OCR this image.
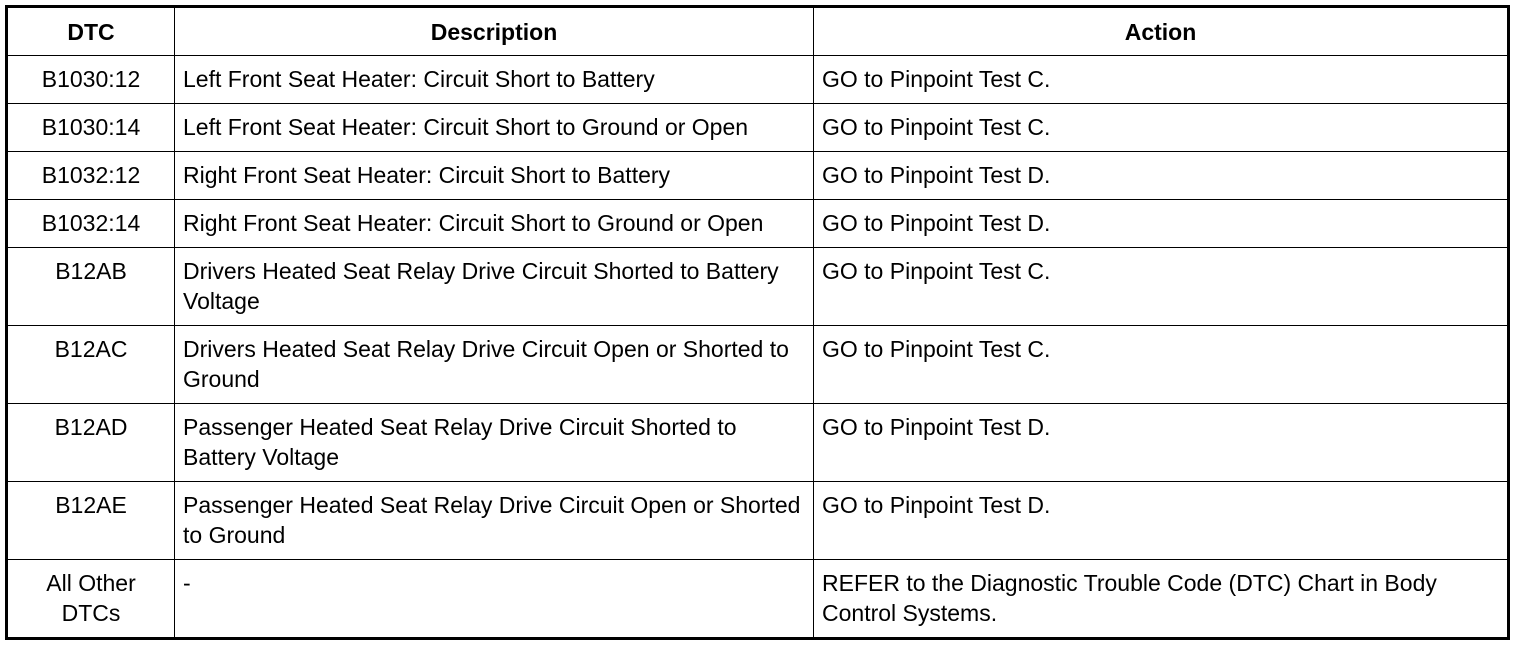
DTC	Description	Action
B1030:12	Left Front Seat Heater: Circuit Short to Battery	GO to Pinpoint Test C.
B1030:14	Left Front Seat Heater: Circuit Short to Ground or Open	GO to Pinpoint Test C.
B1032:12	Right Front Seat Heater: Circuit Short to Battery	GO to Pinpoint Test D.
B1032:14	Right Front Seat Heater: Circuit Short to Ground or Open	GO to Pinpoint Test D.
B12AB	Drivers Heated Seat Relay Drive Circuit Shorted to Battery Voltage	GO to Pinpoint Test C.
B12AC	Drivers Heated Seat Relay Drive Circuit Open or Shorted to Ground	GO to Pinpoint Test C.
B12AD	Passenger Heated Seat Relay Drive Circuit Shorted to Battery Voltage	GO to Pinpoint Test D.
B12AE	Passenger Heated Seat Relay Drive Circuit Open or Shorted to Ground	GO to Pinpoint Test D.
All Other DTCs	-	REFER to the Diagnostic Trouble Code (DTC) Chart in Body Control Systems.
